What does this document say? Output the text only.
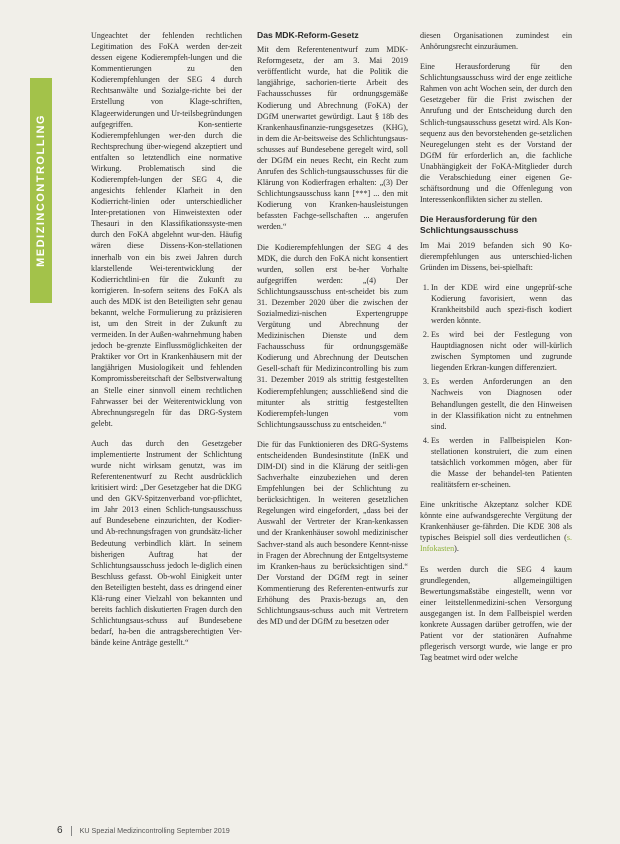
MEDIZINCONTROLLING

Ungeachtet der fehlenden rechtlichen Legitimation des FoKA werden der-zeit dessen eigene Kodierempfeh-lungen und die Kommentierungen zu den Kodierempfehlungen der SEG 4 durch Rechtsanwälte und Sozialge-richte bei der Erstellung von Klage-schriften, Klageerwiderungen und Ur-teilsbegründungen aufgegriffen. Kon-sentierte Kodierempfehlungen wer-den durch die Rechtsprechung über-wiegend akzeptiert und entfalten so letztendlich eine normative Wirkung. Problematisch sind die Kodierempfeh-lungen der SEG 4, die angesichts fehlender Klarheit in den Kodierricht-linien oder unterschiedlicher Inter-pretationen von Hinweistexten oder Thesauri in den Klassifikationssyste-men durch den FoKA abgelehnt wur-den. Häufig wären diese Dissens-Kon-stellationen innerhalb von ein bis zwei Jahren durch klarstellende Wei-terentwicklung der Kodierrichtlini-en für die Zukunft zu korrigieren. In-sofern seitens des FoKA als auch des MDK ist den Beteiligten sehr genau bekannt, welche Formulierung zu präzisieren ist, um den Streit in der Zukunft zu vermeiden. In der Außen-wahrnehmung haben jedoch be-grenzte Einflussmöglichkeiten der Praktiker vor Ort in Krankenhäusern mit der langjährigen Musiologikeit und fehlenden Kompromissbereitschaft der Selbstverwaltung an Stelle einer sinnvoll einem rechtlichen Fahrwasser bei der Weiterentwicklung von Abrechnungsregeln für das DRG-System gelebt.

Auch das durch den Gesetzgeber implementierte Instrument der Schlichtung wurde nicht wirksam genutzt, was im Referentenentwurf zu Recht ausdrücklich kritisiert wird: „Der Gesetzgeber hat die DKG und den GKV-Spitzenverband vor-pflichtet, im Jahr 2013 einen Schlich-tungsausschuss auf Bundesebene einzurichten, der Kodier- und Ab-rechnungsfragen von grundsätz-licher Bedeutung verbindlich klärt. In seinem bisherigen Auftrag hat der Schlichtungsausschuss jedoch le-diglich einen Beschluss gefasst. Ob-wohl Einigkeit unter den Beteiligten besteht, dass es dringend einer Klä-rung einer Vielzahl von bekannten und bereits fachlich diskutierten Fragen durch den Schlichtungsaus-schuss auf Bundesebene bedarf, ha-ben die antragsberechtigten Ver-bände keine Anträge gestellt.“

Das MDK-Reform-Gesetz

Mit dem Referentenentwurf zum MDK-Reformgesetz, der am 3. Mai 2019 veröffentlicht wurde, hat die Politik die langjährige, sachorien-tierte Arbeit des Fachausschusses für ordnungsgemäße Kodierung und Abrechnung (FoKA) der DGfM unerwartet gewürdigt. Laut § 18b des Krankenhausfinanzie-rungsgesetzes (KHG), in dem die Ar-beitsweise des Schlichtungsaus-schusses auf Bundesebene geregelt wird, soll der DGfM ein neues Recht, ein Recht zum Anrufen des Schlich-tungsausschusses für die Klärung von Kodierfragen erhalten: „(3) Der Schlichtungsausschuss kann [***] ... den mit Kodierung von Kranken-hausleistungen befassten Fachge-sellschaften ... angerufen werden.“

Die Kodierempfehlungen der SEG 4 des MDK, die durch den FoKA nicht konsentiert wurden, sollen erst be-her Vorhalte aufgegriffen werden: „(4) Der Schlichtungsausschuss ent-scheidet bis zum 31. Dezember 2020 über die zwischen der Sozialmedizi-nischen Expertengruppe Vergütung und Abrechnung der Medizinischen Dienste und dem Fachausschuss für ordnungsgemäße Kodierung und Abrechnung der Deutschen Gesell-schaft für Medizincontrolling bis zum 31. Dezember 2019 als strittig festgestellten Kodierempfehlungen; ausschließend sind die mitunter als strittig festgestellten Kodierempfeh-lungen vom Schlichtungsausschuss zu entscheiden.“

Die für das Funktionieren des DRG-Systems entscheidenden Bundesinstitute (InEK und DIM-DI) sind in die Klärung der seitli-gen Sachverhalte einzubeziehen und deren Empfehlungen bei der Schlichtung zu berücksichtigen. In weiteren gesetzlichen Regelungen wird eingefordert, „dass bei der Auswahl der Vertreter der Kran-kenkassen und der Krankenhäuser sowohl medizinischer Sachver-stand als auch besondere Kennt-nisse in Fragen der Abrechnung der Entgeltsysteme im Kranken-haus zu berücksichtigen sind.“ Der Vorstand der DGfM regt in seiner Kommentierung des Referenten-entwurfs zur Erhöhung des Praxis-bezugs an, den Schlichtungsaus-schuss auch mit Vertretern des MD und der DGfM zu besetzen oder

diesen Organisationen zumindest ein Anhörungsrecht einzuräumen.

Eine Herausforderung für den Schlichtungsausschuss wird der enge zeitliche Rahmen von acht Wochen sein, der durch den Gesetzgeber für die Frist zwischen der Anrufung und der Entscheidung durch den Schlich-tungsausschuss gesetzt wird. Als Kon-sequenz aus den bevorstehenden ge-setzlichen Neuregelungen steht es der Vorstand der DGfM für erforderlich an, die fachliche Unabhängigkeit der FoKA-Mitglieder durch die Verabschiedung einer eigenen Ge-schäftsordnung und die Offenlegung von Interessenkonflikten sicher zu stellen.

Die Herausforderung für den Schlichtungsausschuss

Im Mai 2019 befanden sich 90 Ko-dierempfehlungen aus unterschied-lichen Gründen im Dissens, bei-spielhaft:

1. In der KDE wird eine ungeprüf-sche Kodierung favorisiert, wenn das Krankheitsbild auch spezi-fisch kodiert werden könnte.
2. Es wird bei der Festlegung von Hauptdiagnosen nicht oder will-kürlich zwischen Symptomen und zugrunde liegenden Erkran-kungen differenziert.
3. Es werden Anforderungen an den Nachweis von Diagnosen oder Behandlungen gestellt, die den Hinweisen in der Klassifikation nicht zu entnehmen sind.
4. Es werden in Fallbeispielen Kon-stellationen konstruiert, die zum einen tatsächlich vorkommen mögen, aber für die Masse der behandel-ten Patienten realitätsfern er-scheinen.

Eine unkritische Akzeptanz solcher KDE könnte eine aufwandsgerechte Vergütung der Krankenhäuser ge-fährden. Die KDE 308 als typisches Beispiel soll dies verdeutlichen (s. Infokasten).

Es werden durch die SEG 4 kaum grundlegenden, allgemeingültigen Bewertungsmaßstäbe eingestellt, wenn vor einer leitstellenmedizini-schen Versorgung ausgegangen ist. In dem Fallbeispiel werden konkrete Aussagen darüber getroffen, wie der Patient vor der stationären Aufnahme pflegerisch versorgt wurde, wie lange er pro Tag beatmet wird oder welche

6 KU Spezial Medizincontrolling September 2019
